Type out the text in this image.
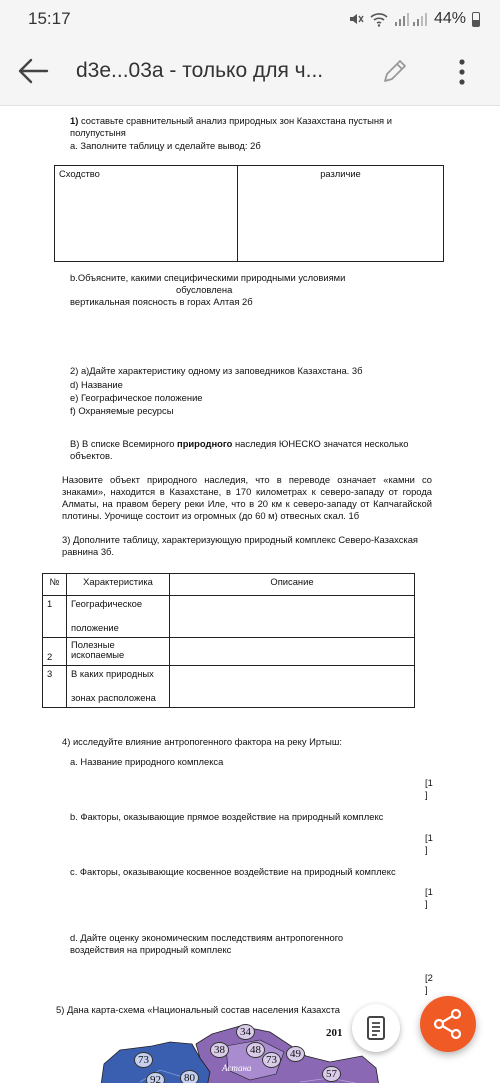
15:17	44%
d3e...03a - только для ч...
1) составьте сравнительный анализ природных зон Казахстана пустыня и
полупустыня
a. Заполните таблицу и сделайте вывод: 2б
Сходство	различие
b.Объясните, какими специфическими природными условиями
обусловлена
вертикальная поясность в горах Алтая 2б
2) а)Дайте характеристику одному из заповедников Казахстана. 3б
d) Название
e) Географическое положение
f) Охраняемые ресурсы
B) В списке Всемирного природного наследия ЮНЕСКО значатся несколько
объектов.
Назовите объект природного наследия, что в переводе означает «камни со знаками», находится в Казахстане, в 170 километрах к северо-западу от города Алматы, на правом берегу реки Иле, что в 20 км к северо-западу от Капчагайской плотины. Урочище состоит из огромных (до 60 м) отвесных скал. 1б
3) Дополните таблицу, характеризующую природный комплекс Северо-Казахская
равнина 3б.
№	Характеристика	Описание
1	Географическое

положение	
2	Полезные
ископаемые	
3	В каких природных

зонах расположена	
4) исследуйте влияние антропогенного фактора на реку Иртыш:
a. Название природного комплекса
[1
]
b. Факторы, оказывающие прямое воздействие на природный комплекс
[1
]
c. Факторы, оказывающие косвенное воздействие на природный комплекс
[1
]
d. Дайте оценку экономическим последствиям антропогенного
воздействия на природный комплекс
[2
]
5) Дана карта-схема «Национальный состав населения Казахста
34
38	48
73	49
73
57
92	80
Астана
201
